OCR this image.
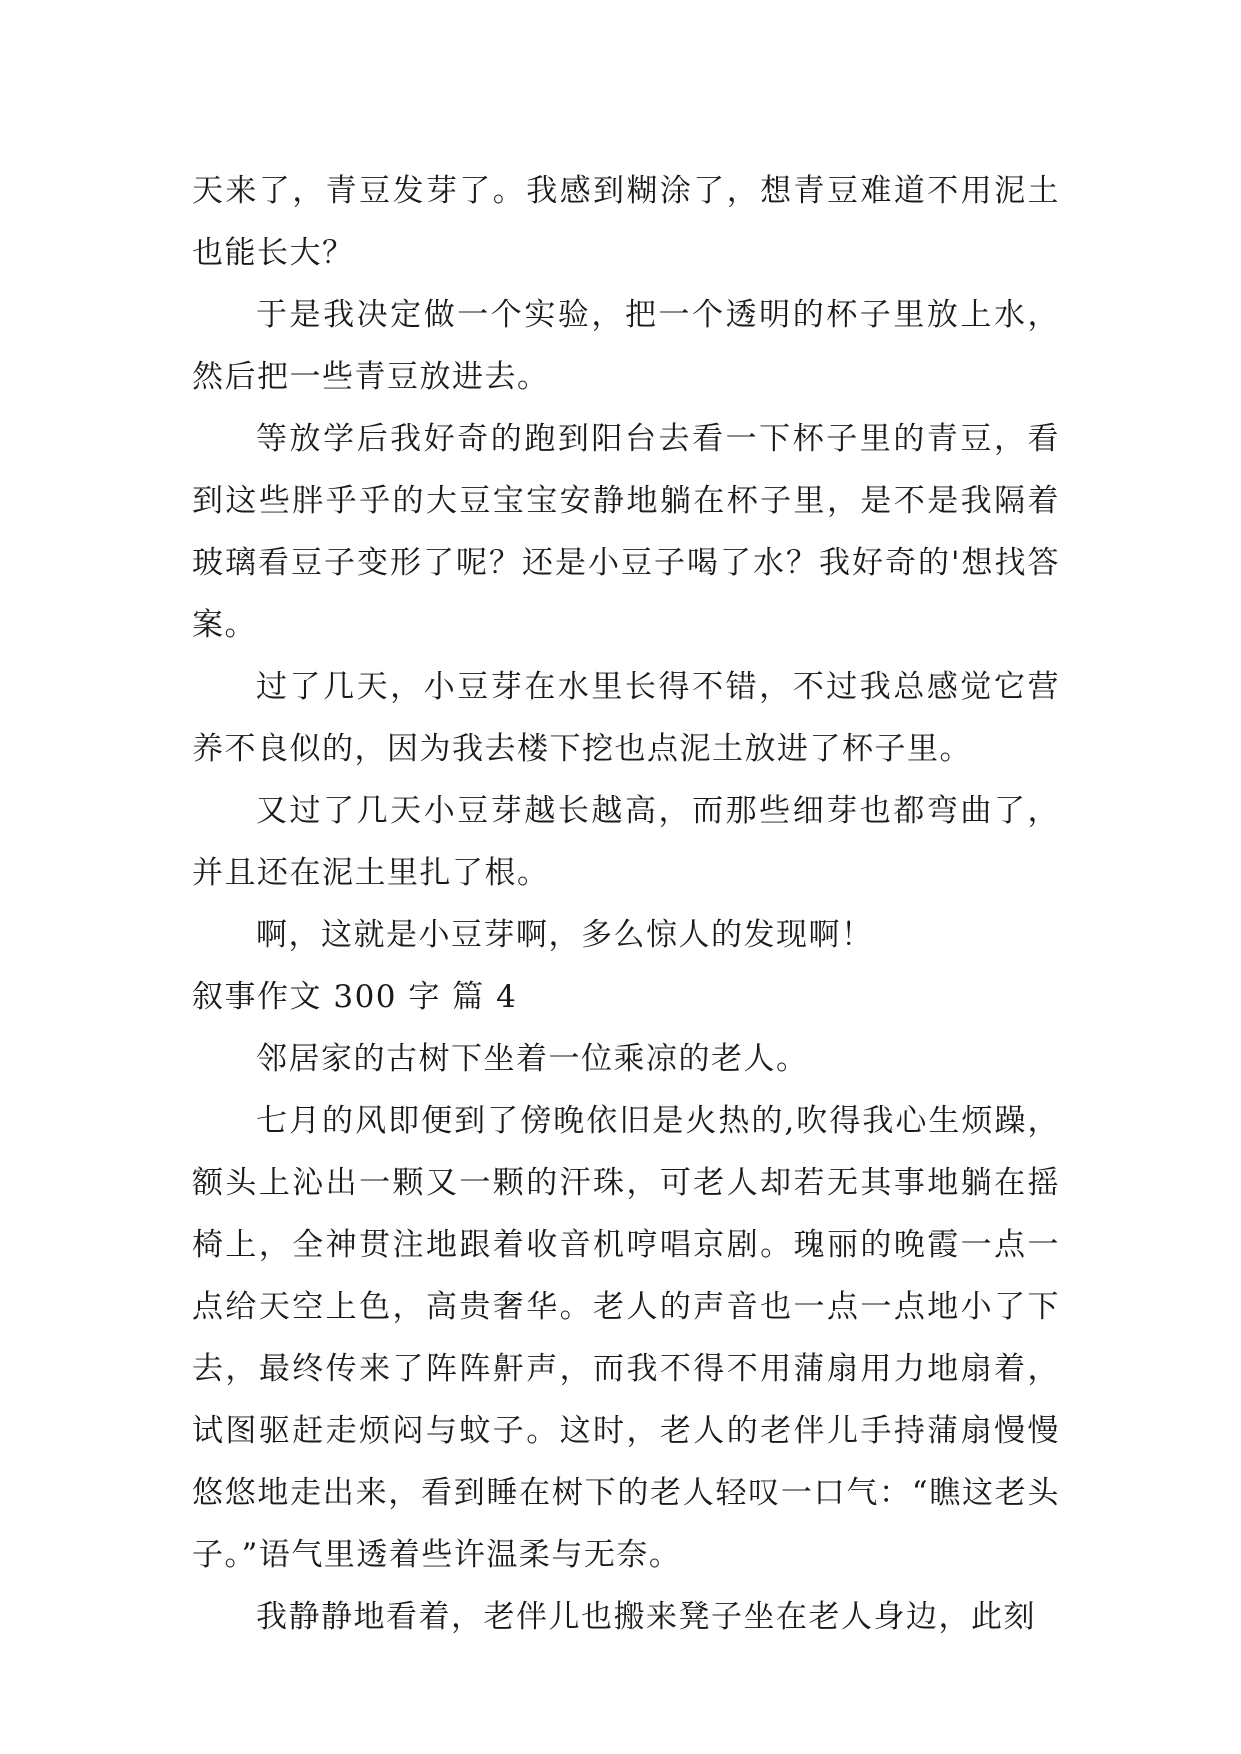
天来了，青豆发芽了。我感到糊涂了，想青豆难道不用泥土也能长大？

于是我决定做一个实验，把一个透明的杯子里放上水，然后把一些青豆放进去。

等放学后我好奇的跑到阳台去看一下杯子里的青豆，看到这些胖乎乎的大豆宝宝安静地躺在杯子里，是不是我隔着玻璃看豆子变形了呢？还是小豆子喝了水？我好奇的'想找答案。

过了几天，小豆芽在水里长得不错，不过我总感觉它营养不良似的，因为我去楼下挖也点泥土放进了杯子里。

又过了几天小豆芽越长越高，而那些细芽也都弯曲了，并且还在泥土里扎了根。

啊，这就是小豆芽啊，多么惊人的发现啊！

叙事作文 300 字 篇 4

邻居家的古树下坐着一位乘凉的老人。

七月的风即便到了傍晚依旧是火热的,吹得我心生烦躁，额头上沁出一颗又一颗的汗珠，可老人却若无其事地躺在摇椅上，全神贯注地跟着收音机哼唱京剧。瑰丽的晚霞一点一点给天空上色，高贵奢华。老人的声音也一点一点地小了下去，最终传来了阵阵鼾声，而我不得不用蒲扇用力地扇着，试图驱赶走烦闷与蚊子。这时，老人的老伴儿手持蒲扇慢慢悠悠地走出来，看到睡在树下的老人轻叹一口气：“瞧这老头子。”语气里透着些许温柔与无奈。

我静静地看着，老伴儿也搬来凳子坐在老人身边，此刻
